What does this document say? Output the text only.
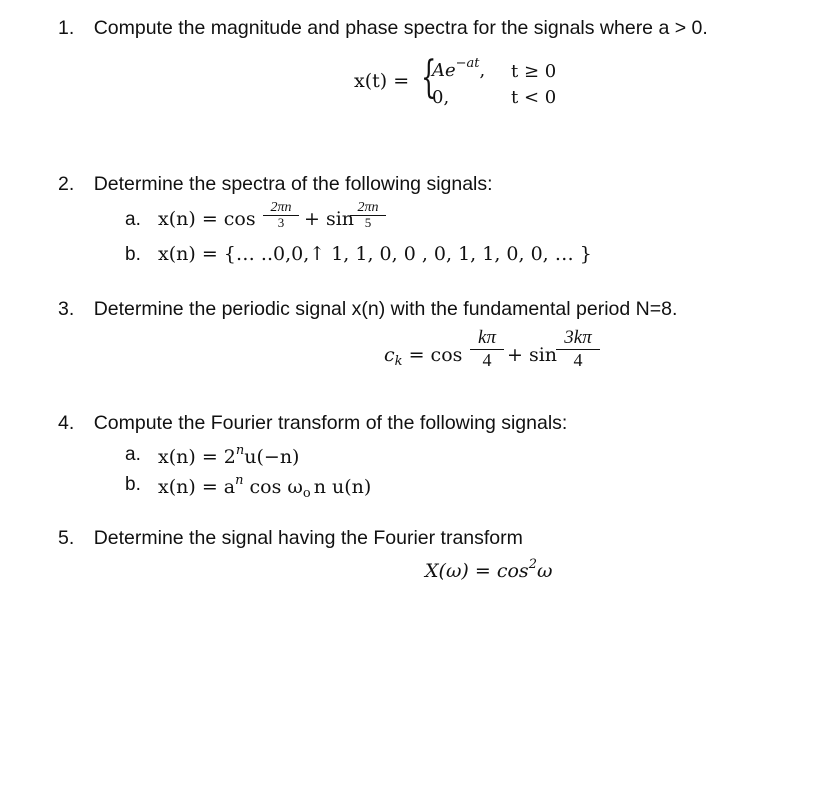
1. Compute the magnitude and phase spectra for the signals where a > 0.
x(t) = {
$Ae^{-at}$, t ≥ 0
0,	t < 0
2. Determine the spectra of the following signals:
a. $x(n) = \cos \frac{2\pi n}{3} + \sin$
$\frac{2\pi n}{5}$
b. x(n) = {… ..0,0,↑ 1, 1, 0, 0 , 0, 1, 1, 0, 0, … }
3. Determine the periodic signal x(n) with the fundamental period N=8.
$c_k = \cos \frac{k\pi}{4} + \sin$
$\frac{3k\pi}{4}$
4. Compute the Fourier transform of the following signals:
a. $x(n) = 2^nu(-n)$
b. $x(n) = a^n$ $\cos \omega_o$ n u(n)
5. Determine the signal having the Fourier transform
$X(\omega) = \cos^2\omega$
